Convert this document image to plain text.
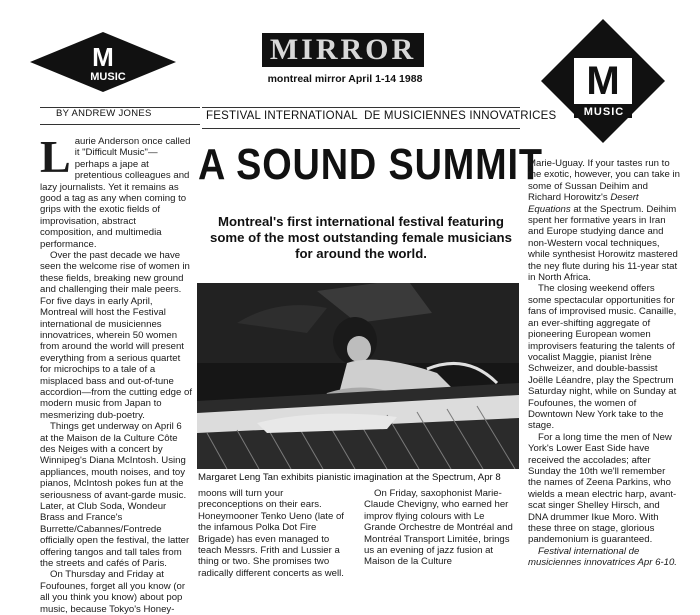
M
MUSIC	M
MUSIC
MIRROR
montreal mirror April 1-14 1988
BY ANDREW JONES	FESTIVAL INTERNATIONAL  DE MUSICIENNES INNOVATRICES
L aurie Anderson once called it "Difficult Music"—perhaps a jape at pretentious colleagues and lazy journalists. Yet it remains as good a tag as any when coming to grips with the exotic fields of improvisation, abstract composition, and multimedia performance.

Over the past decade we have seen the welcome rise of women in these fields, breaking new ground and challenging their male peers. For five days in early April, Montreal will host the Festival international de musiciennes innovatrices, wherein 50 women from around the world will present everything from a serious quartet for microchips to a tale of a misplaced bass and out-of-tune accordion—from the cutting edge of modern music from Japan to mesmerizing dub-poetry.

Things get underway on April 6 at the Maison de la Culture Côte des Neiges with a concert by Winnipeg's Diana McIntosh. Using appliances, mouth noises, and toy pianos, McIntosh pokes fun at the seriousness of avant-garde music. Later, at Club Soda, Wondeur Brass and France's Burrette/Cabannes/Fontrede officially open the festival, the latter offering tangos and tall tales from the streets and cafés of Paris.

On Thursday and Friday at Foufounes, forget all you know (or all you think you know) about pop music, because Tokyo's Honey-

A SOUND SUMMIT
Montreal's first international festival featuring some of the most outstanding female musicians for around the world.
Margaret Leng Tan exhibits pianistic imagination at the Spectrum, Apr 8

moons will turn your preconceptions on their ears. Honeymooner Tenko Ueno (late of the infamous Polka Dot Fire Brigade) has even managed to teach Messrs. Frith and Lussier a thing or two. She promises two radically different concerts as well.

On Friday, saxophonist Marie-Claude Chevigny, who earned her improv flying colours with Le Grande Orchestre de Montréal and Montréal Transport Limitée, brings us an evening of jazz fusion at Maison de la Culture

Marie-Uguay. If your tastes run to the exotic, however, you can take in some of Sussan Deihim and Richard Horowitz's Desert Equations at the Spectrum. Deihim spent her formative years in Iran and Europe studying dance and non-Western vocal techniques, while synthesist Horowitz mastered the ney flute during his 11-year stat in North Africa.

The closing weekend offers some spectacular opportunities for fans of improvised music. Canaille, an ever-shifting aggregate of pioneering European women improvisers featuring the talents of vocalist Maggie, pianist Irène Schweizer, and double-bassist Joëlle Léandre, play the Spectrum Saturday night, while on Sunday at Foufounes, the women of Downtown New York take to the stage.

For a long time the men of New York's Lower East Side have received the accolades; after Sunday the 10th we'll remember the names of Zeena Parkins, who wields a mean electric harp, avant-scat singer Shelley Hirsch, and DNA drummer Ikue Moro. With these three on stage, glorious pandemonium is guaranteed.

Festival international de musiciennes innovatrices Apr 6-10.
